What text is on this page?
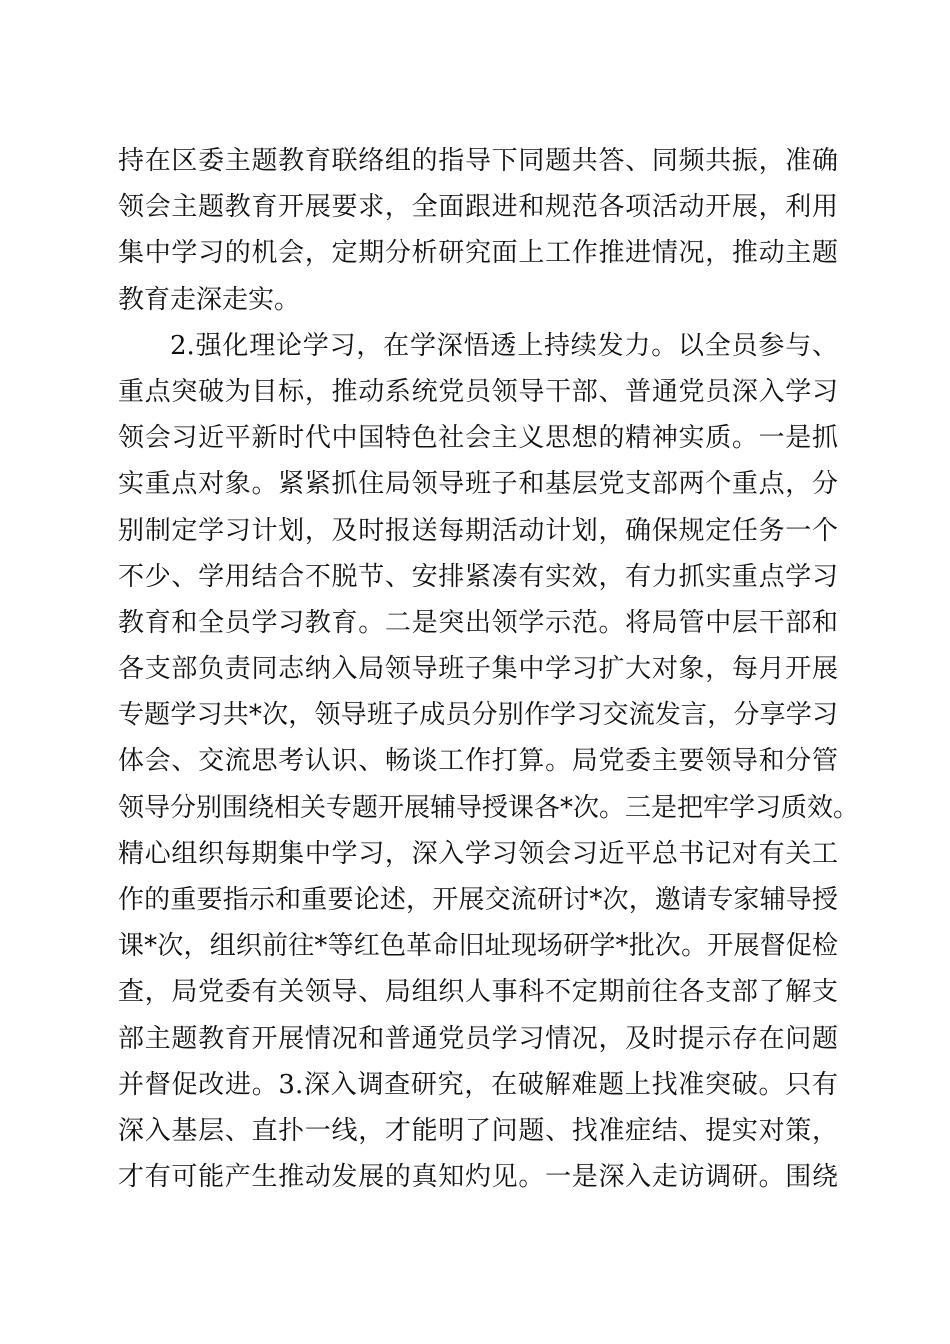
持在区委主题教育联络组的指导下同题共答、同频共振，准确
领会主题教育开展要求，全面跟进和规范各项活动开展，利用
集中学习的机会，定期分析研究面上工作推进情况，推动主题
教育走深走实。
2.强化理论学习，在学深悟透上持续发力。以全员参与、
重点突破为目标，推动系统党员领导干部、普通党员深入学习
领会习近平新时代中国特色社会主义思想的精神实质。一是抓
实重点对象。紧紧抓住局领导班子和基层党支部两个重点，分
别制定学习计划，及时报送每期活动计划，确保规定任务一个
不少、学用结合不脱节、安排紧凑有实效，有力抓实重点学习
教育和全员学习教育。二是突出领学示范。将局管中层干部和
各支部负责同志纳入局领导班子集中学习扩大对象，每月开展
专题学习共*次，领导班子成员分别作学习交流发言，分享学习
体会、交流思考认识、畅谈工作打算。局党委主要领导和分管
领导分别围绕相关专题开展辅导授课各*次。三是把牢学习质效。
精心组织每期集中学习，深入学习领会习近平总书记对有关工
作的重要指示和重要论述，开展交流研讨*次，邀请专家辅导授
课*次，组织前往*等红色革命旧址现场研学*批次。开展督促检
查，局党委有关领导、局组织人事科不定期前往各支部了解支
部主题教育开展情况和普通党员学习情况，及时提示存在问题
并督促改进。3.深入调查研究，在破解难题上找准突破。只有
深入基层、直扑一线，才能明了问题、找准症结、提实对策，
才有可能产生推动发展的真知灼见。一是深入走访调研。围绕
